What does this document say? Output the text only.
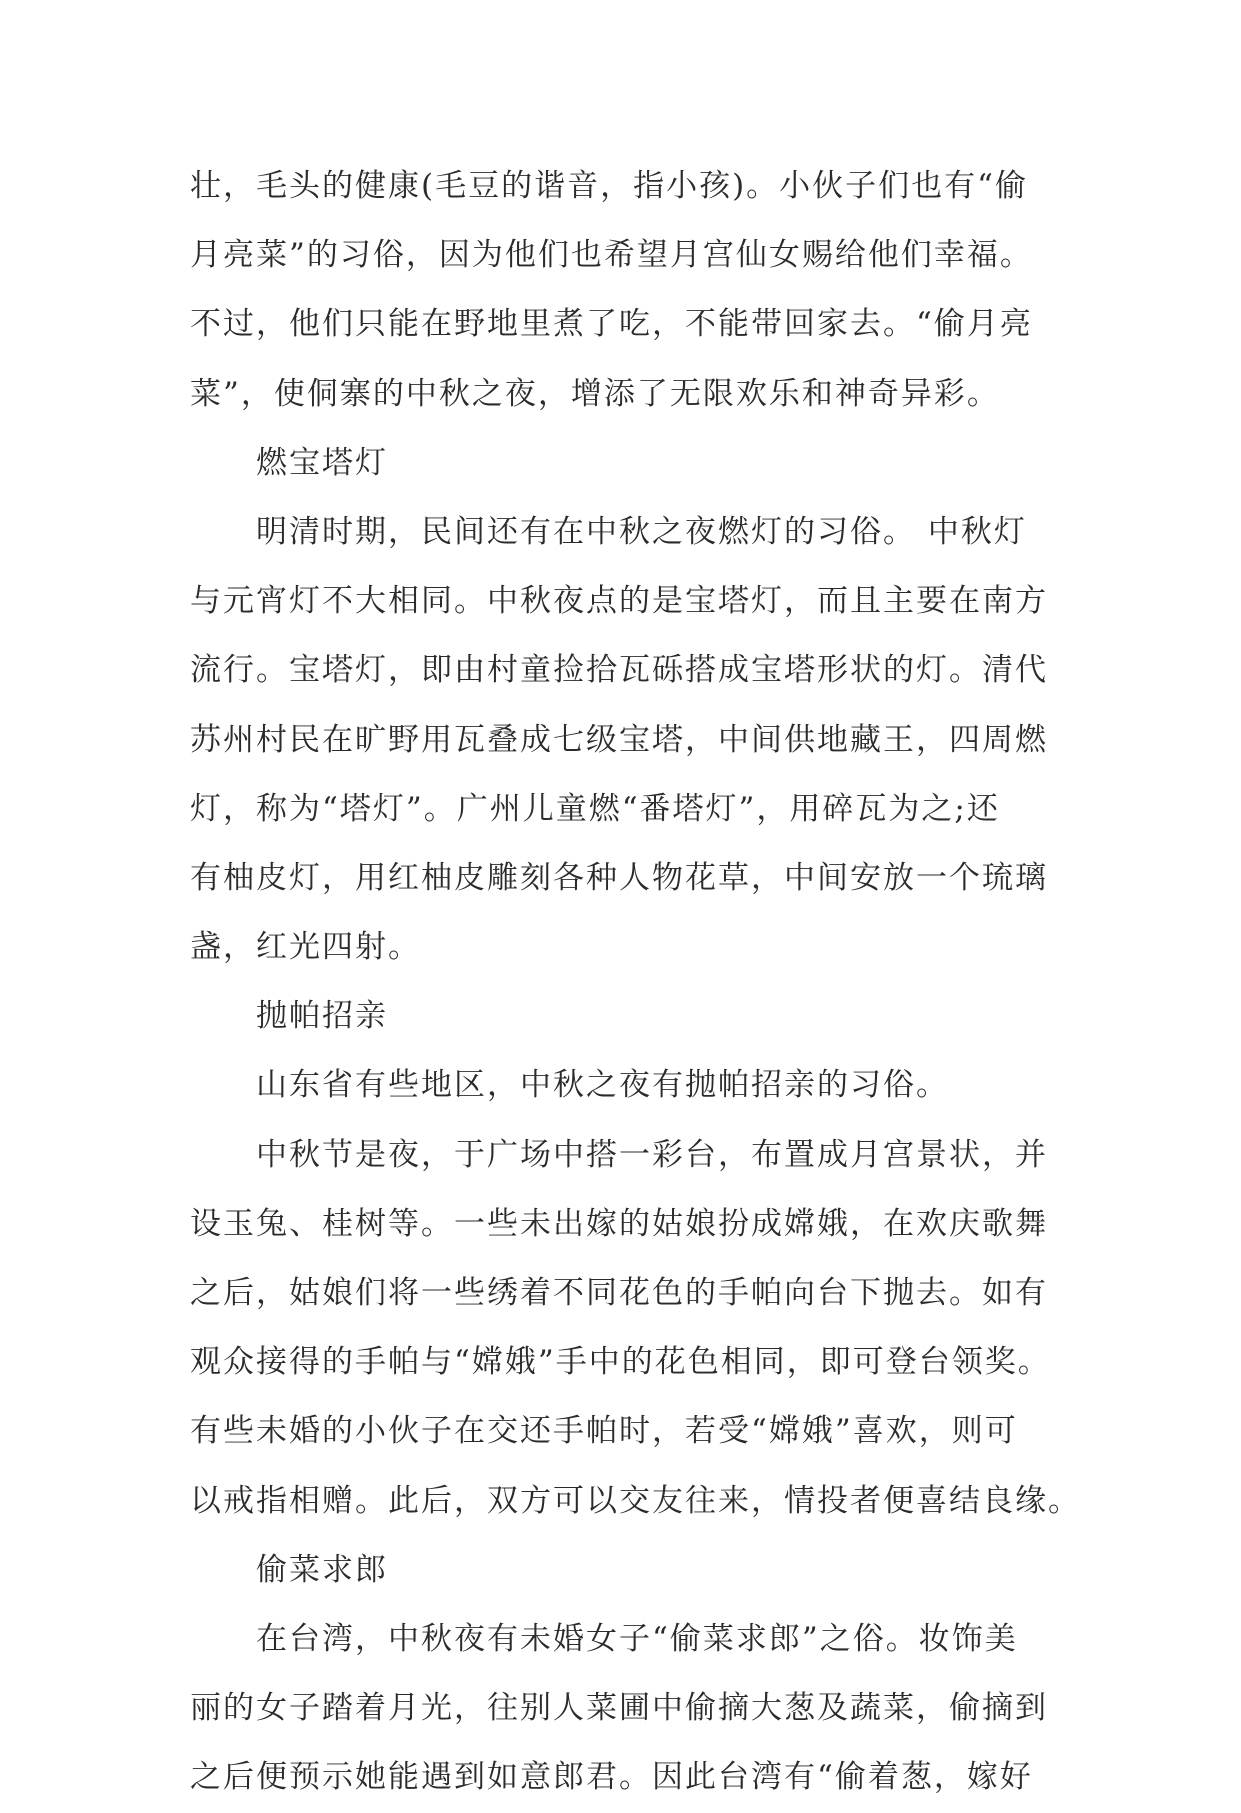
壮，毛头的健康(毛豆的谐音，指小孩)。小伙子们也有“偷
月亮菜”的习俗，因为他们也希望月宫仙女赐给他们幸福。
不过，他们只能在野地里煮了吃，不能带回家去。“偷月亮
菜”，使侗寨的中秋之夜，增添了无限欢乐和神奇异彩。
燃宝塔灯
明清时期，民间还有在中秋之夜燃灯的习俗。 中秋灯
与元宵灯不大相同。中秋夜点的是宝塔灯，而且主要在南方
流行。宝塔灯，即由村童捡拾瓦砾搭成宝塔形状的灯。清代
苏州村民在旷野用瓦叠成七级宝塔，中间供地藏王，四周燃
灯，称为“塔灯”。广州儿童燃“番塔灯”，用碎瓦为之;还
有柚皮灯，用红柚皮雕刻各种人物花草，中间安放一个琉璃
盏，红光四射。
抛帕招亲
山东省有些地区，中秋之夜有抛帕招亲的习俗。
中秋节是夜，于广场中搭一彩台，布置成月宫景状，并
设玉兔、桂树等。一些未出嫁的姑娘扮成嫦娥，在欢庆歌舞
之后，姑娘们将一些绣着不同花色的手帕向台下抛去。如有
观众接得的手帕与“嫦娥”手中的花色相同，即可登台领奖。
有些未婚的小伙子在交还手帕时，若受“嫦娥”喜欢，则可
以戒指相赠。此后，双方可以交友往来，情投者便喜结良缘。
偷菜求郎
在台湾，中秋夜有未婚女子“偷菜求郎”之俗。妆饰美
丽的女子踏着月光，往别人菜圃中偷摘大葱及蔬菜，偷摘到
之后便预示她能遇到如意郎君。因此台湾有“偷着葱，嫁好
